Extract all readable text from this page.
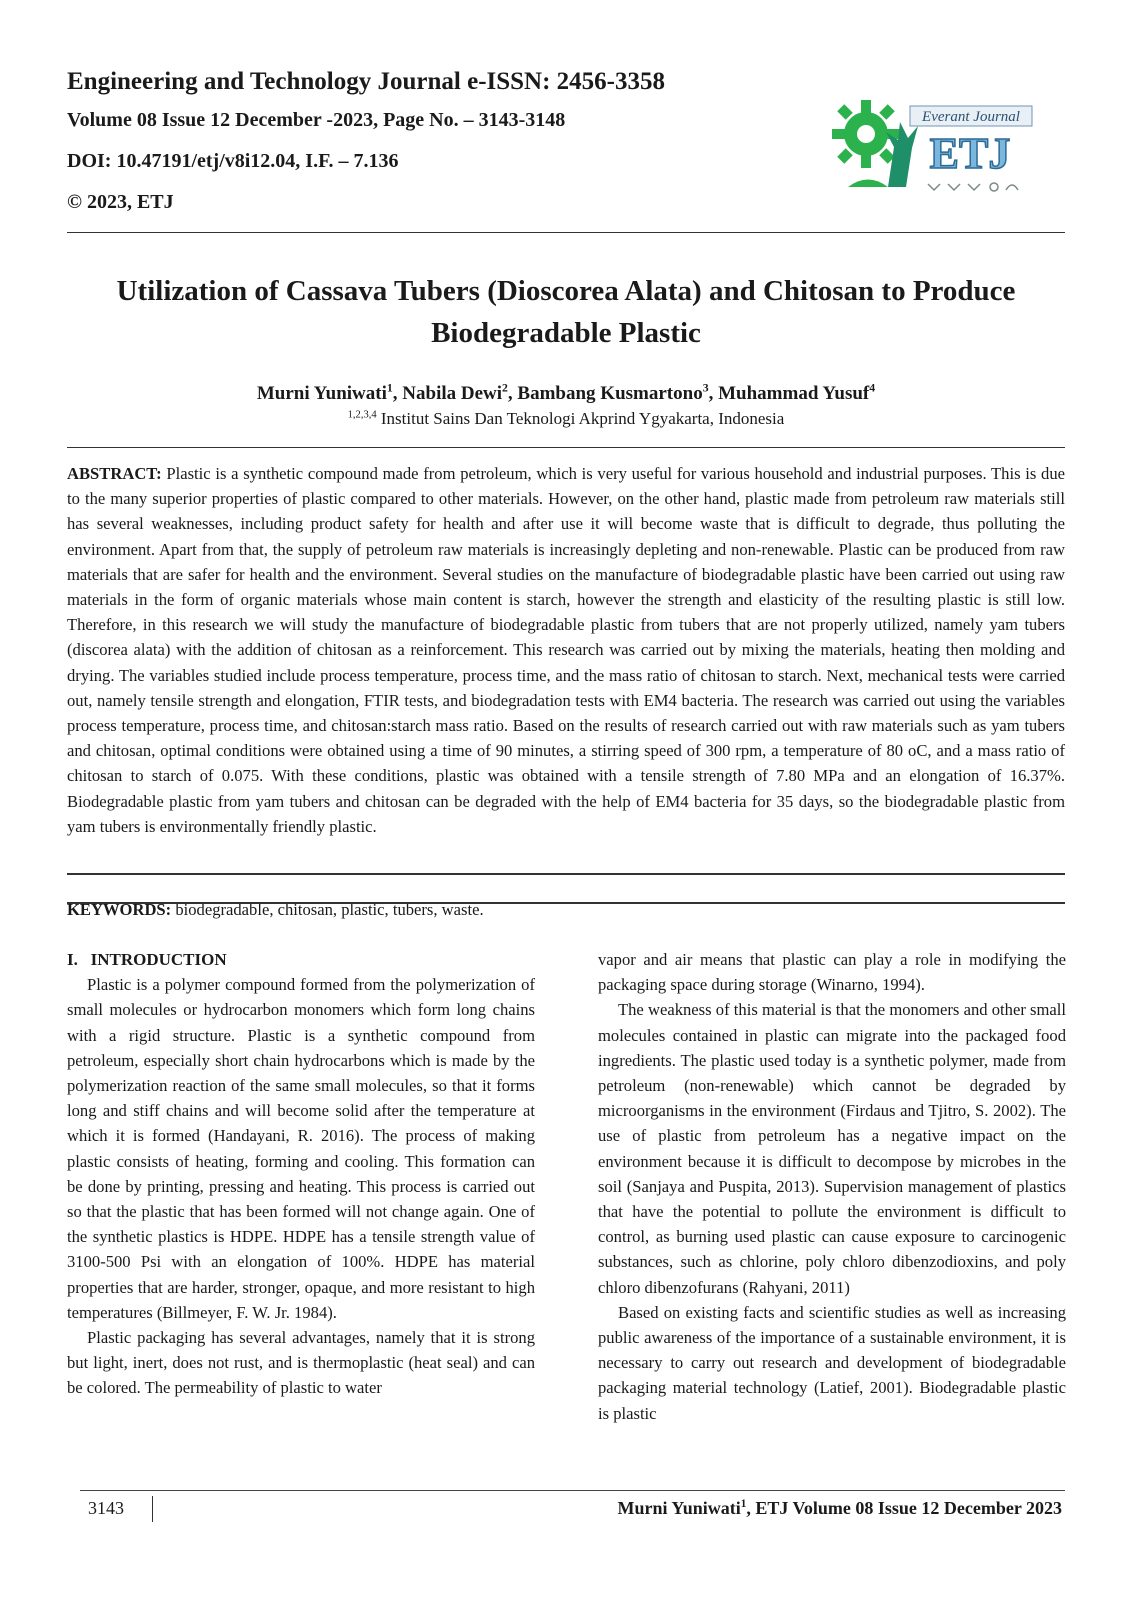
Engineering and Technology Journal e-ISSN: 2456-3358
Volume 08 Issue 12 December -2023, Page No. – 3143-3148
DOI: 10.47191/etj/v8i12.04, I.F. – 7.136
© 2023, ETJ
Everant Journal
ETJ
Utilization of Cassava Tubers (Dioscorea Alata) and Chitosan to Produce Biodegradable Plastic
Murni Yuniwati$^1$, Nabila Dewi$^2$, Bambang Kusmartono$^3$, Muhammad Yusuf$^4$
$^{1,2,3,4}$ Institut Sains Dan Teknologi Akprind Ygyakarta, Indonesia

ABSTRACT: Plastic is a synthetic compound made from petroleum, which is very useful for various household and industrial purposes. This is due to the many superior properties of plastic compared to other materials. However, on the other hand, plastic made from petroleum raw materials still has several weaknesses, including product safety for health and after use it will become waste that is difficult to degrade, thus polluting the environment. Apart from that, the supply of petroleum raw materials is increasingly depleting and non-renewable. Plastic can be produced from raw materials that are safer for health and the environment. Several studies on the manufacture of biodegradable plastic have been carried out using raw materials in the form of organic materials whose main content is starch, however the strength and elasticity of the resulting plastic is still low. Therefore, in this research we will study the manufacture of biodegradable plastic from tubers that are not properly utilized, namely yam tubers (discorea alata) with the addition of chitosan as a reinforcement. This research was carried out by mixing the materials, heating then molding and drying. The variables studied include process temperature, process time, and the mass ratio of chitosan to starch. Next, mechanical tests were carried out, namely tensile strength and elongation, FTIR tests, and biodegradation tests with EM4 bacteria. The research was carried out using the variables process temperature, process time, and chitosan:starch mass ratio. Based on the results of research carried out with raw materials such as yam tubers and chitosan, optimal conditions were obtained using a time of 90 minutes, a stirring speed of 300 rpm, a temperature of 80 oC, and a mass ratio of chitosan to starch of 0.075. With these conditions, plastic was obtained with a tensile strength of 7.80 MPa and an elongation of 16.37%. Biodegradable plastic from yam tubers and chitosan can be degraded with the help of EM4 bacteria for 35 days, so the biodegradable plastic from yam tubers is environmentally friendly plastic.

KEYWORDS: biodegradable, chitosan, plastic, tubers, waste.

I.   INTRODUCTION

Plastic is a polymer compound formed from the polymerization of small molecules or hydrocarbon monomers which form long chains with a rigid structure. Plastic is a synthetic compound from petroleum, especially short chain hydrocarbons which is made by the polymerization reaction of the same small molecules, so that it forms long and stiff chains and will become solid after the temperature at which it is formed (Handayani, R. 2016). The process of making plastic consists of heating, forming and cooling. This formation can be done by printing, pressing and heating. This process is carried out so that the plastic that has been formed will not change again. One of the synthetic plastics is HDPE. HDPE has a tensile strength value of 3100-500 Psi with an elongation of 100%. HDPE has material properties that are harder, stronger, opaque, and more resistant to high temperatures (Billmeyer, F. W. Jr. 1984).

Plastic packaging has several advantages, namely that it is strong but light, inert, does not rust, and is thermoplastic (heat seal) and can be colored. The permeability of plastic to water

vapor and air means that plastic can play a role in modifying the packaging space during storage (Winarno, 1994).

The weakness of this material is that the monomers and other small molecules contained in plastic can migrate into the packaged food ingredients. The plastic used today is a synthetic polymer, made from petroleum (non-renewable) which cannot be degraded by microorganisms in the environment (Firdaus and Tjitro, S. 2002). The use of plastic from petroleum has a negative impact on the environment because it is difficult to decompose by microbes in the soil (Sanjaya and Puspita, 2013). Supervision management of plastics that have the potential to pollute the environment is difficult to control, as burning used plastic can cause exposure to carcinogenic substances, such as chlorine, poly chloro dibenzodioxins, and poly chloro dibenzofurans (Rahyani, 2011)

Based on existing facts and scientific studies as well as increasing public awareness of the importance of a sustainable environment, it is necessary to carry out research and development of biodegradable packaging material technology (Latief, 2001). Biodegradable plastic is plastic

3143	Murni Yuniwati$^1$, ETJ Volume 08 Issue 12 December 2023
